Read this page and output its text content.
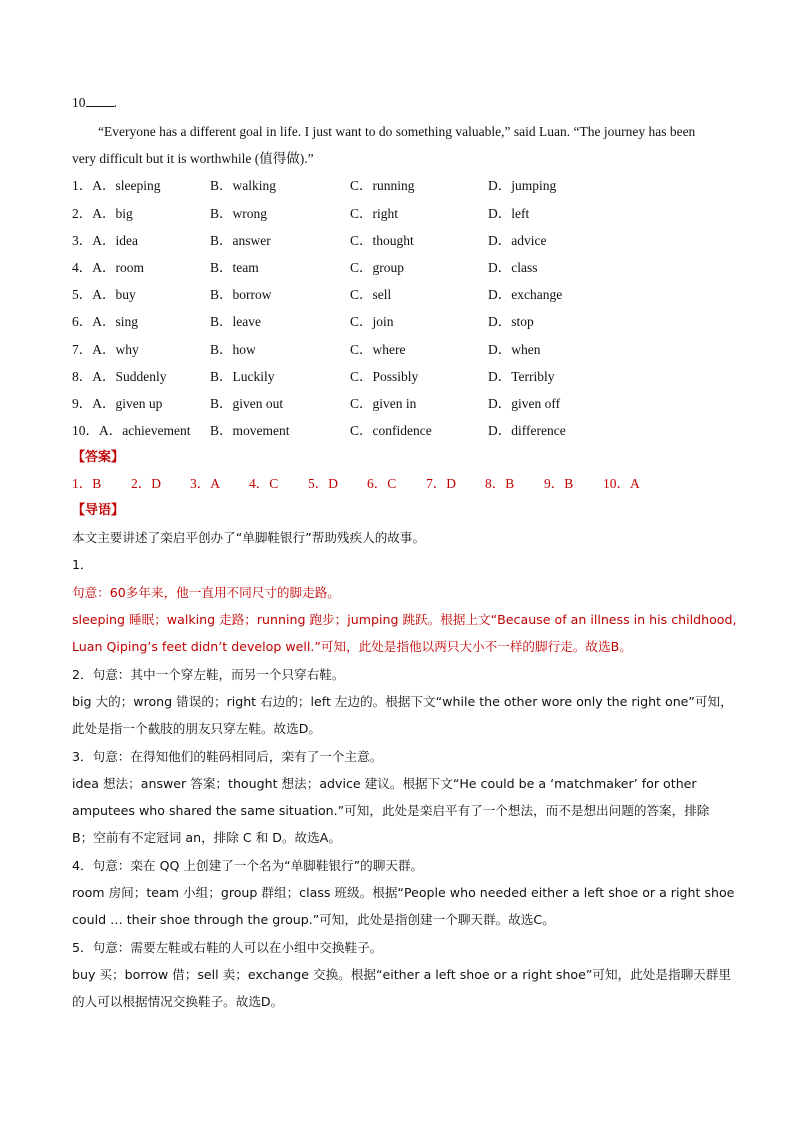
10 .

“Everyone has a different goal in life. I just want to do something valuable,” said Luan. “The journey has been

very difficult but it is worthwhile (值得做).”

1．A．sleeping	B．walking	C．running	D．jumping
2．A．big	B．wrong	C．right	D．left
3．A．idea	B．answer	C．thought	D．advice
4．A．room	B．team	C．group	D．class
5．A．buy	B．borrow	C．sell	D．exchange
6．A．sing	B．leave	C．join	D．stop
7．A．why	B．how	C．where	D．when
8．A．Suddenly	B．Luckily	C．Possibly	D．Terribly
9．A．given up	B．given out	C．given in	D．given off
10．A．achievement	B．movement	C．confidence	D．difference
【答案】
1．B	2．D	3．A	4．C	5．D	6．C	7．D	8．B	9．B	10．A
【导语】

本文主要讲述了栾启平创办了“单脚鞋银行”帮助残疾人的故事。

1．

句意：60多年来，他一直用不同尺寸的脚走路。

sleeping 睡眠；walking 走路；running 跑步；jumping 跳跃。根据上文“Because of an illness in his childhood,

Luan Qiping’s feet didn’t develop well.”可知，此处是指他以两只大小不一样的脚行走。故选B。

2．句意：其中一个穿左鞋，而另一个只穿右鞋。

big 大的；wrong 错误的；right 右边的；left 左边的。根据下文“while the other wore only the right one”可知，

此处是指一个截肢的朋友只穿左鞋。故选D。

3．句意：在得知他们的鞋码相同后，栾有了一个主意。

idea 想法；answer 答案；thought 想法；advice 建议。根据下文“He could be a ‘matchmaker’ for other

amputees who shared the same situation.”可知，此处是栾启平有了一个想法，而不是想出问题的答案，排除

B；空前有不定冠词 an，排除 C 和 D。故选A。

4．句意：栾在 QQ 上创建了一个名为“单脚鞋银行”的聊天群。

room 房间；team 小组；group 群组；class 班级。根据“People who needed either a left shoe or a right shoe

could … their shoe through the group.”可知，此处是指创建一个聊天群。故选C。

5．句意：需要左鞋或右鞋的人可以在小组中交换鞋子。

buy 买；borrow 借；sell 卖；exchange 交换。根据“either a left shoe or a right shoe”可知，此处是指聊天群里

的人可以根据情况交换鞋子。故选D。
